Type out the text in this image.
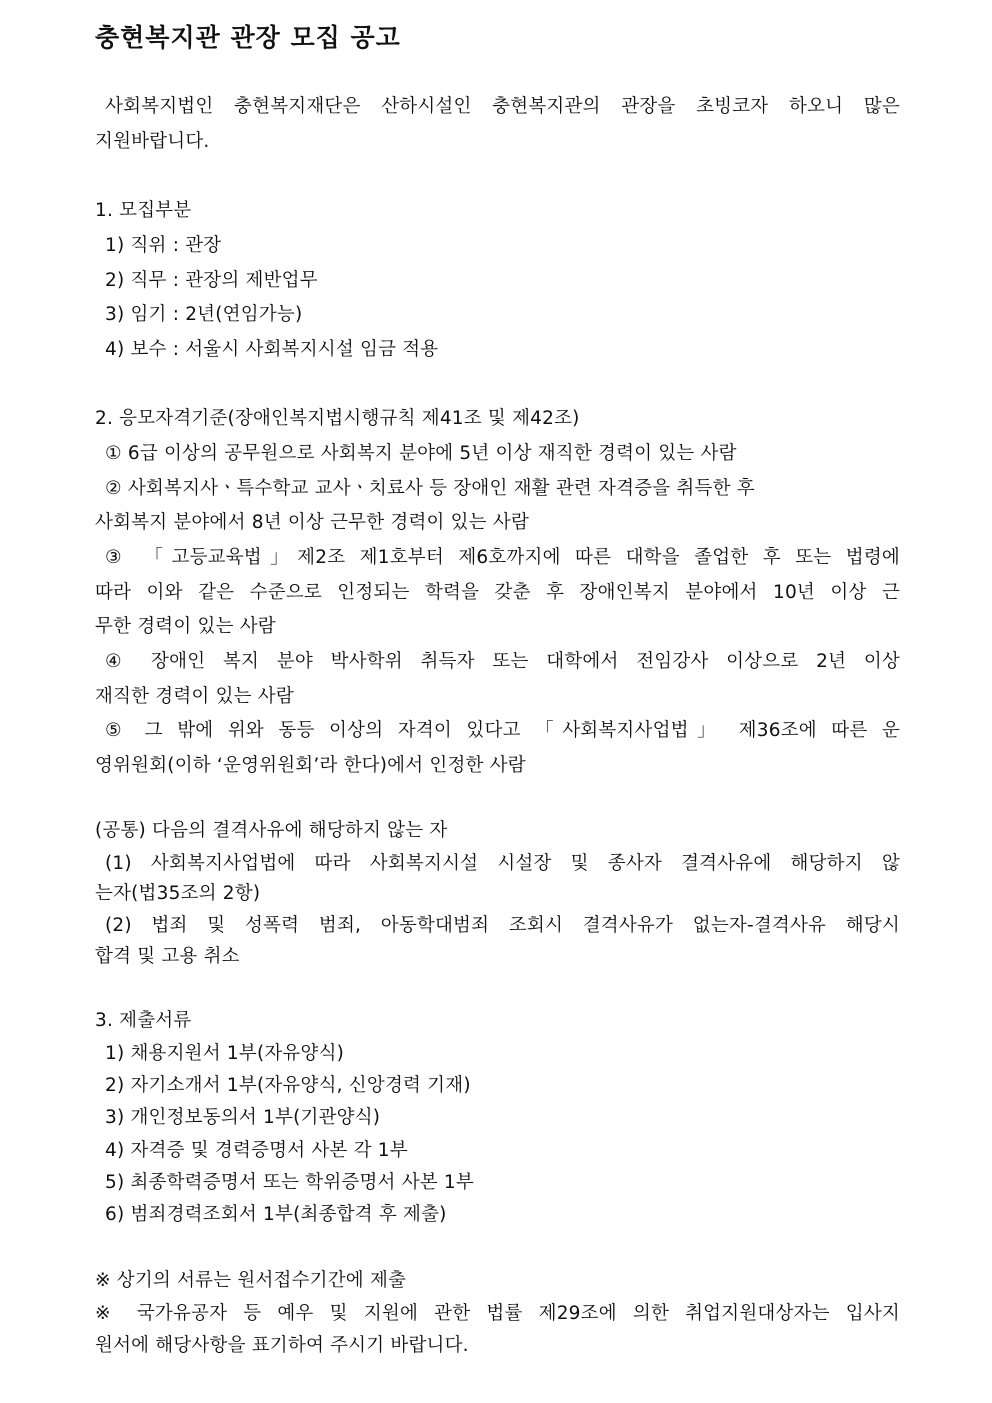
충현복지관 관장 모집 공고
사회복지법인 충현복지재단은 산하시설인 충현복지관의 관장을 초빙코자 하오니 많은
지원바랍니다.
1. 모집부분
1) 직위 : 관장
2) 직무 : 관장의 제반업무
3) 임기 : 2년(연임가능)
4) 보수 : 서울시 사회복지시설 임금 적용
2. 응모자격기준(장애인복지법시행규칙 제41조 및 제42조)
① 6급 이상의 공무원으로 사회복지 분야에 5년 이상 재직한 경력이 있는 사람
② 사회복지사ㆍ특수학교 교사ㆍ치료사 등 장애인 재활 관련 자격증을 취득한 후
사회복지 분야에서 8년 이상 근무한 경력이 있는 사람
③ 「고등교육법」제2조 제1호부터 제6호까지에 따른 대학을 졸업한 후 또는 법령에
따라 이와 같은 수준으로 인정되는 학력을 갖춘 후 장애인복지 분야에서 10년 이상 근
무한 경력이 있는 사람
④ 장애인 복지 분야 박사학위 취득자 또는 대학에서 전임강사 이상으로 2년 이상
재직한 경력이 있는 사람
⑤ 그 밖에 위와 동등 이상의 자격이 있다고 「사회복지사업법」 제36조에 따른 운
영위원회(이하 ‘운영위원회’라 한다)에서 인정한 사람
(공통) 다음의 결격사유에 해당하지 않는 자
(1) 사회복지사업법에 따라 사회복지시설 시설장 및 종사자 결격사유에 해당하지 않
는자(법35조의 2항)
(2) 법죄 및 성폭력 범죄, 아동학대범죄 조회시 결격사유가 없는자-결격사유 해당시
합격 및 고용 취소
3. 제출서류
1) 채용지원서 1부(자유양식)
2) 자기소개서 1부(자유양식, 신앙경력 기재)
3) 개인정보동의서 1부(기관양식)
4) 자격증 및 경력증명서 사본 각 1부
5) 최종학력증명서 또는 학위증명서 사본 1부
6) 범죄경력조회서 1부(최종합격 후 제출)
※ 상기의 서류는 원서접수기간에 제출
※ 국가유공자 등 예우 및 지원에 관한 법률 제29조에 의한 취업지원대상자는 입사지
원서에 해당사항을 표기하여 주시기 바랍니다.
